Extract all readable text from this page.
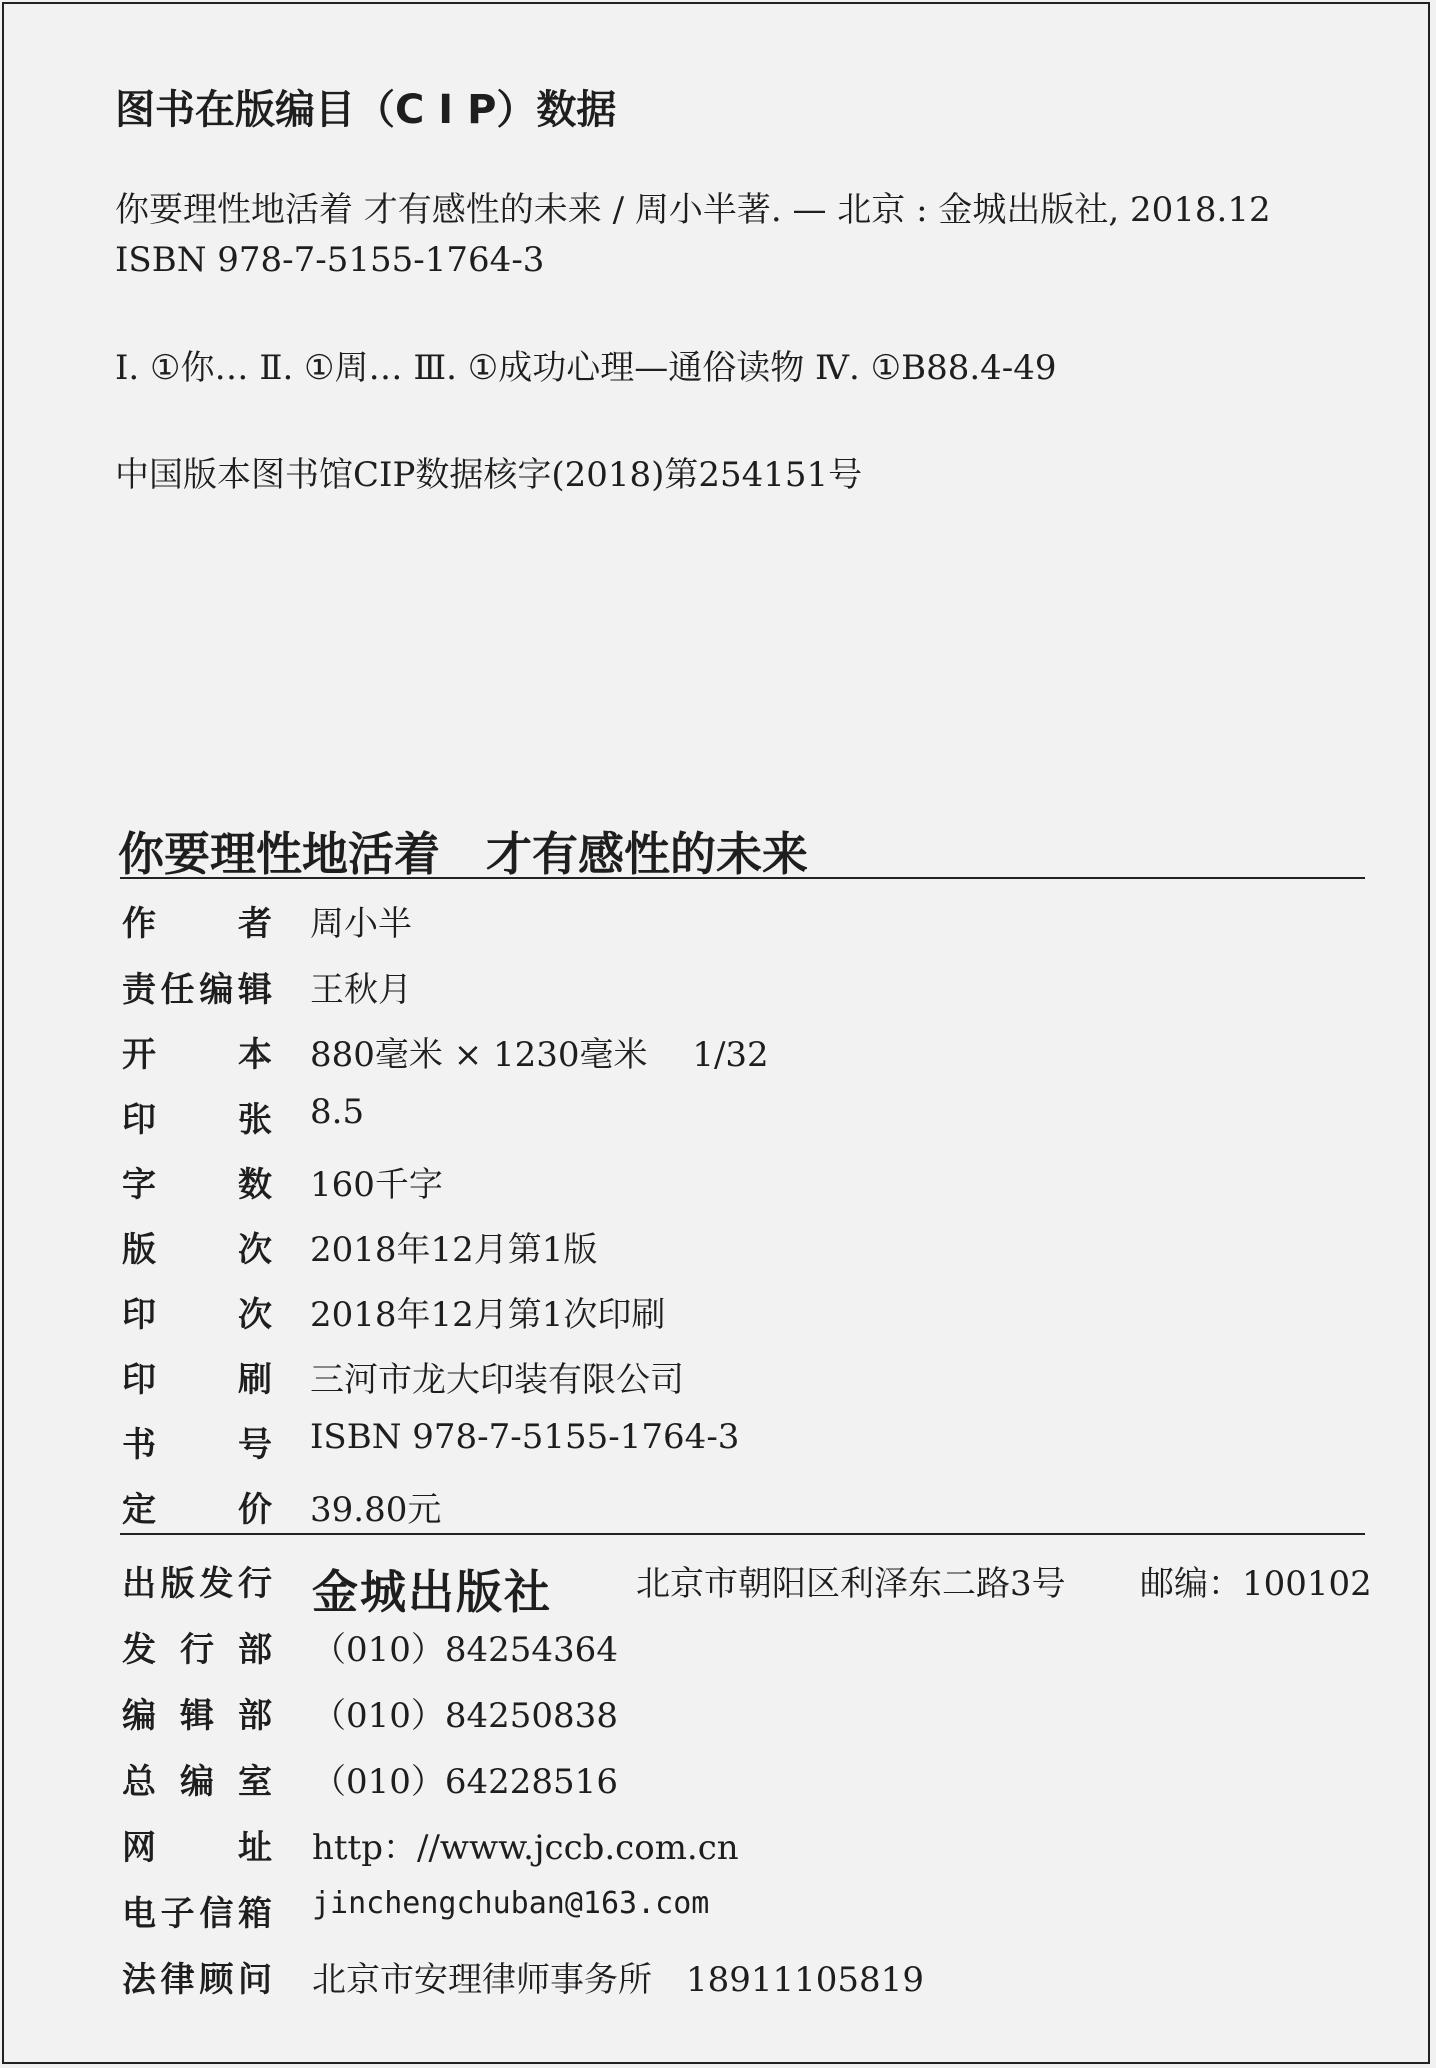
图书在版编目（C I P）数据
你要理性地活着 才有感性的未来 / 周小半著. — 北京 : 金城出版社, 2018.12
ISBN 978-7-5155-1764-3
Ⅰ. ①你… Ⅱ. ①周… Ⅲ. ①成功心理—通俗读物 Ⅳ. ①B88.4-49
中国版本图书馆CIP数据核字(2018)第254151号
你要理性地活着　才有感性的未来
作 者 周小半
责 任 编 辑 王秋月
开 本 880毫米 × 1230毫米　 1/32
印 张 8.5
字 数 160千字
版 次 2018年12月第1版
印 次 2018年12月第1次印刷
印 刷 三河市龙大印装有限公司
书 号 ISBN 978-7-5155-1764-3
定 价 39.80元
出 版 发 行 金城出版社 北京市朝阳区利泽东二路3号 邮编：100102
发 行 部 （010）84254364
编 辑 部 （010）84250838
总 编 室 （010）64228516
网 址 http：//www.jccb.com.cn
电 子 信 箱 jinchengchuban@163.com
法 律 顾 问 北京市安理律师事务所　18911105819
